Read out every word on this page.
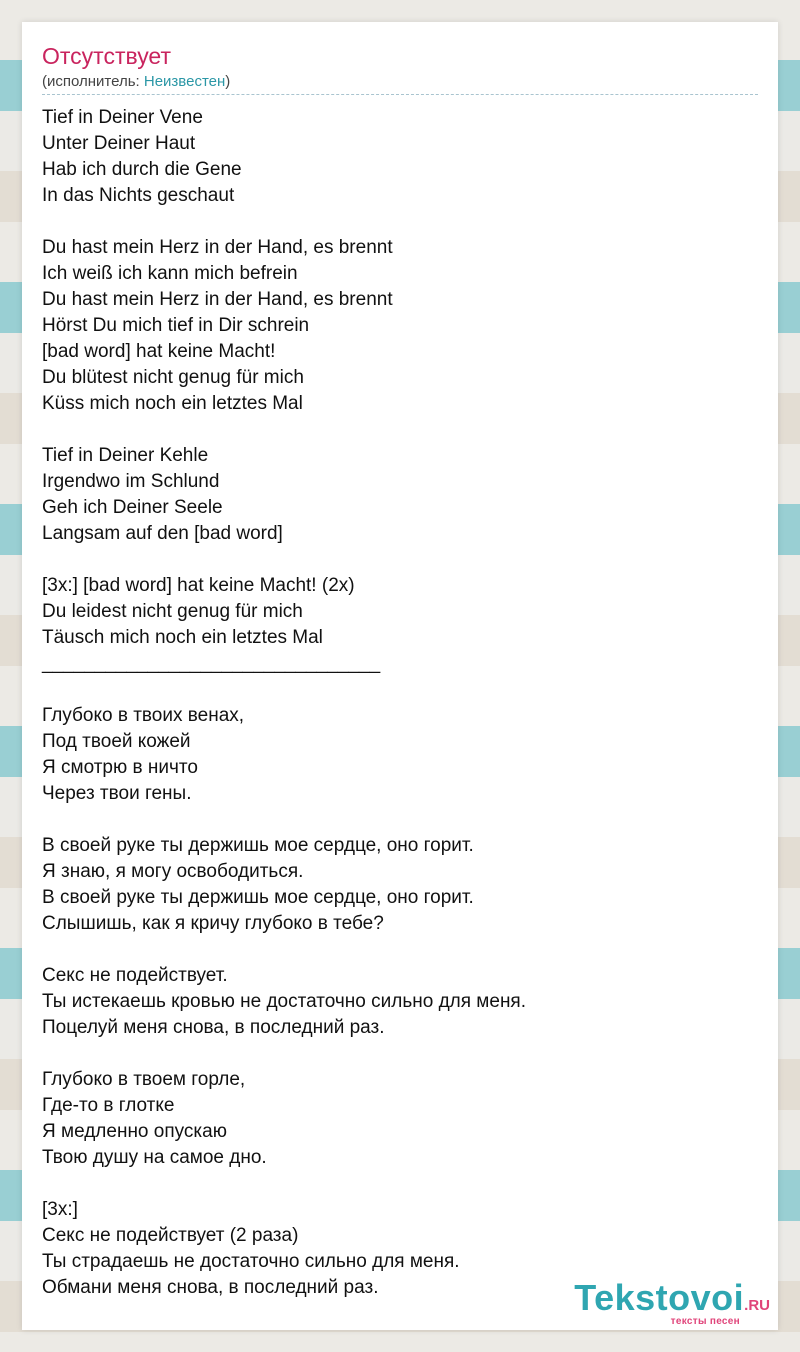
Отсутствует
(исполнитель: Неизвестен)
Tief in Deiner Vene
Unter Deiner Haut
Hab ich durch die Gene
In das Nichts geschaut

Du hast mein Herz in der Hand, es brennt
Ich weiß ich kann mich befrein
Du hast mein Herz in der Hand, es brennt
Hörst Du mich tief in Dir schrein
[bad word] hat keine Macht!
Du blütest nicht genug für mich
Küss mich noch ein letztes Mal

Tief in Deiner Kehle
Irgendwo im Schlund
Geh ich Deiner Seele
Langsam auf den [bad word]

[3x:] [bad word] hat keine Macht! (2x)
Du leidest nicht genug für mich
Täusch mich noch ein letztes Mal
________________________________

Глубоко в твоих венах,
Под твоей кожей
Я смотрю в ничто
Через твои гены.

В своей руке ты держишь мое сердце, оно горит.
Я знаю, я могу освободиться.
В своей руке ты держишь мое сердце, оно горит.
Слышишь, как я кричу глубоко в тебе?

Секс не подействует.
Ты истекаешь кровью не достаточно сильно для меня.
Поцелуй меня снова, в последний раз.

Глубоко в твоем горле,
Где-то в глотке
Я медленно опускаю
Твою душу на самое дно.

[3x:]
Секс не подействует (2 раза)
Ты страдаешь не достаточно сильно для меня.
Обмани меня снова, в последний раз.	Tekstovoi.RU
тексты песен
